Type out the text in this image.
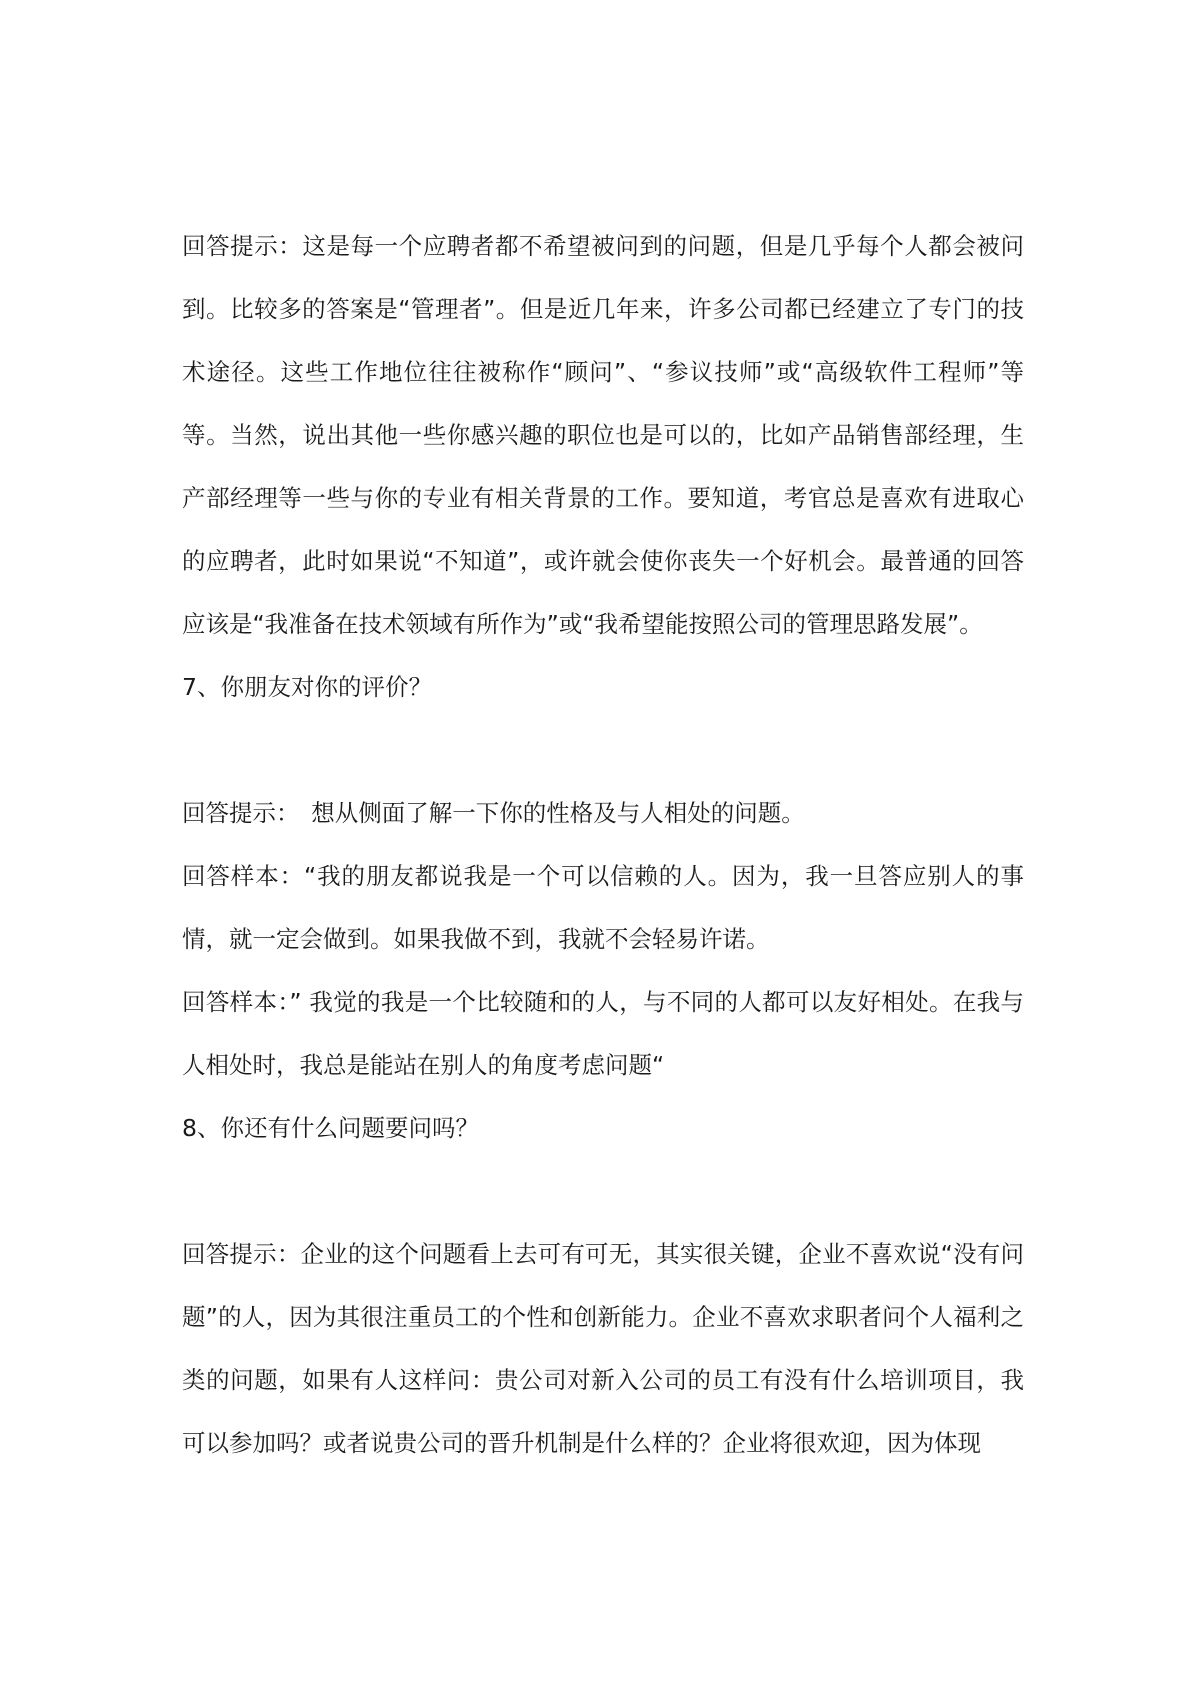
回答提示：这是每一个应聘者都不希望被问到的问题，但是几乎每个人都会被问到。比较多的答案是“管理者”。但是近几年来，许多公司都已经建立了专门的技术途径。这些工作地位往往被称作“顾问”、“参议技师”或“高级软件工程师”等等。当然，说出其他一些你感兴趣的职位也是可以的，比如产品销售部经理，生产部经理等一些与你的专业有相关背景的工作。要知道，考官总是喜欢有进取心的应聘者，此时如果说“不知道”，或许就会使你丧失一个好机会。最普通的回答应该是“我准备在技术领域有所作为”或“我希望能按照公司的管理思路发展”。

7、你朋友对你的评价？

回答提示：　想从侧面了解一下你的性格及与人相处的问题。

回答样本：“我的朋友都说我是一个可以信赖的人。因为，我一旦答应别人的事情，就一定会做到。如果我做不到，我就不会轻易许诺。

回答样本：” 我觉的我是一个比较随和的人，与不同的人都可以友好相处。在我与人相处时，我总是能站在别人的角度考虑问题“

8、你还有什么问题要问吗？

回答提示：企业的这个问题看上去可有可无，其实很关键，企业不喜欢说“没有问题”的人，因为其很注重员工的个性和创新能力。企业不喜欢求职者问个人福利之类的问题，如果有人这样问：贵公司对新入公司的员工有没有什么培训项目，我可以参加吗？或者说贵公司的晋升机制是什么样的？企业将很欢迎，因为体现
